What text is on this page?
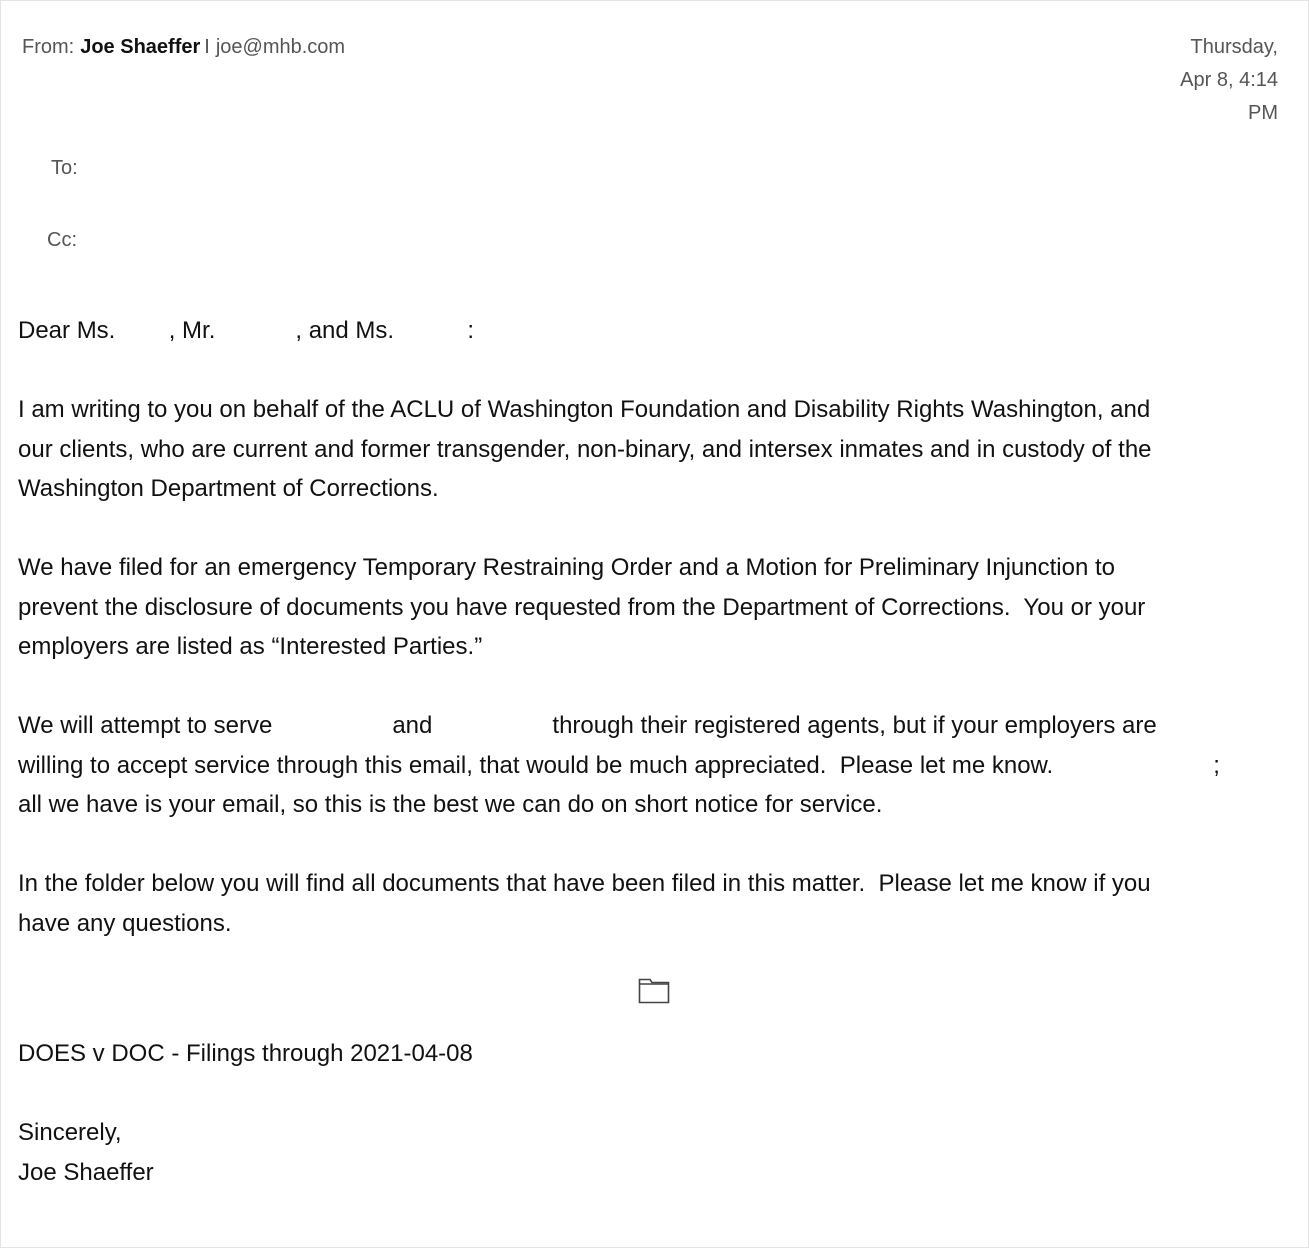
From: Joe Shaeffer I joe@mhb.com	Thursday,
Apr 8, 4:14
PM
To:
Cc:

Dear Ms.        , Mr.            , and Ms.           :

I am writing to you on behalf of the ACLU of Washington Foundation and Disability Rights Washington, and
our clients, who are current and former transgender, non-binary, and intersex inmates and in custody of the
Washington Department of Corrections.

We have filed for an emergency Temporary Restraining Order and a Motion for Preliminary Injunction to
prevent the disclosure of documents you have requested from the Department of Corrections.  You or your
employers are listed as “Interested Parties.”

We will attempt to serve                  and                  through their registered agents, but if your employers are
willing to accept service through this email, that would be much appreciated.  Please let me know.                        ;
all we have is your email, so this is the best we can do on short notice for service.

In the folder below you will find all documents that have been filed in this matter.  Please let me know if you
have any questions.

DOES v DOC - Filings through 2021-04-08

Sincerely,
Joe Shaeffer
